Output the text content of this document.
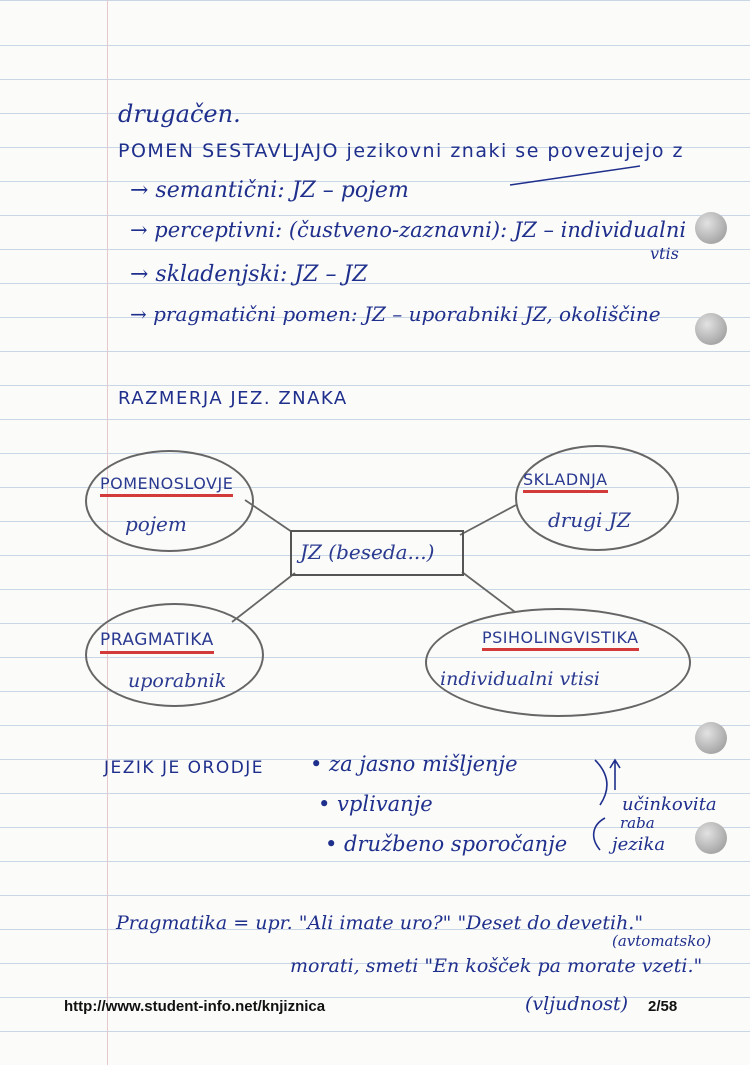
drugačen.
POMEN SESTAVLJAJO jezikovni znaki se povezujejo z
→ semantični: JZ – pojem
→ perceptivni: (čustveno-zaznavni): JZ – individualni
vtis
→ skladenjski: JZ – JZ
→ pragmatični pomen: JZ – uporabniki JZ, okoliščine
RAZMERJA JEZ. ZNAKA
JZ (beseda...)
POMENOSLOVJE
pojem
SKLADNJA
drugi JZ
PRAGMATIKA
uporabnik
PSIHOLINGVISTIKA
individualni vtisi
JEZIK JE ORODJE • za jasno mišljenje
• vplivanje
• družbeno sporočanje
učinkovita
raba
jezika
Pragmatika = upr. "Ali imate uro?" "Deset do devetih."
(avtomatsko)
morati, smeti "En košček pa morate vzeti."
(vljudnost)
http://www.student-info.net/knjiznica	2/58
